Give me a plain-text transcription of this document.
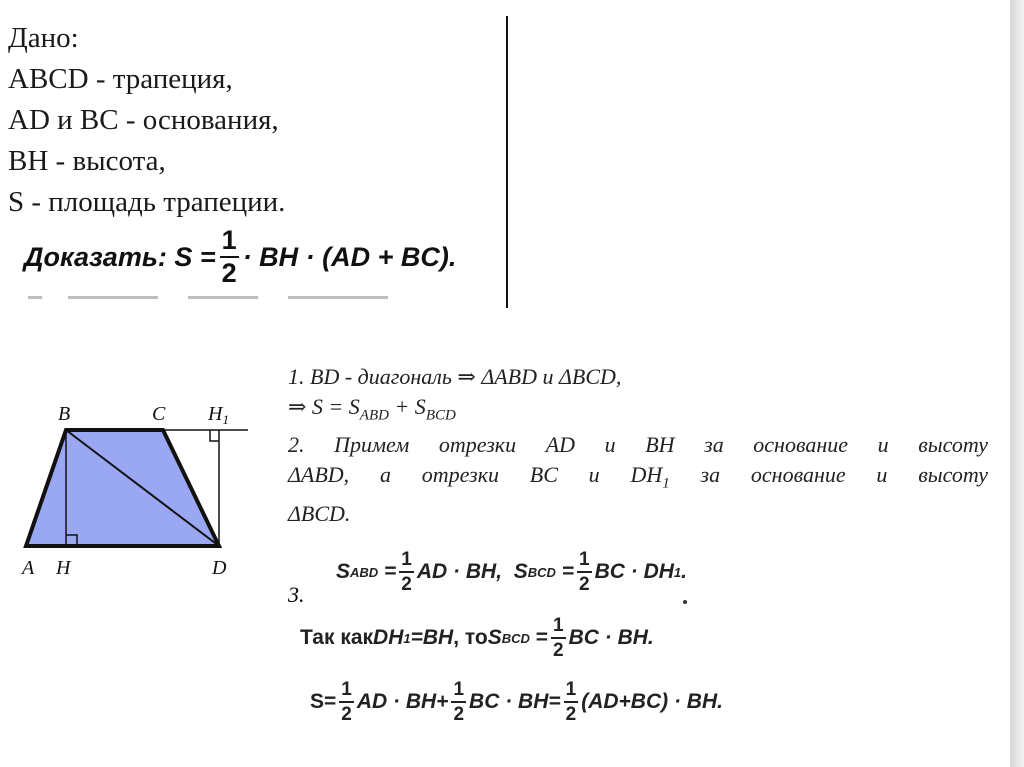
Дано:
ABCD - трапеция,
AD и BC - основания,
BH - высота,
S - площадь трапеции.
Доказать:
$S = \frac{1}{2}$ · BH · (AD + BC).
B	C $H_1$
A H	D
1. BD - диагональ ⇒ ΔABD и ΔBCD,
⇒ $S = S_{ABD} + S_{BCD}$
2. Примем отрезки AD и BH за основание и высоту
ΔABD, а отрезки BC и $DH_1$ за основание и высоту
ΔBCD.
S ABD
= $\frac{1}{2}$ AD · BH,
S BCD
= $\frac{1}{2}$ BC · DH 1 .
3.
Так как DH 1 =BH , то S BCD
= $\frac{1}{2}$ BC · BH.
$S= \frac{1}{2}$ AD · $BH+ \frac{1}{2}$ BC · $BH= \frac{1}{2} (AD+BC)$ · BH.
